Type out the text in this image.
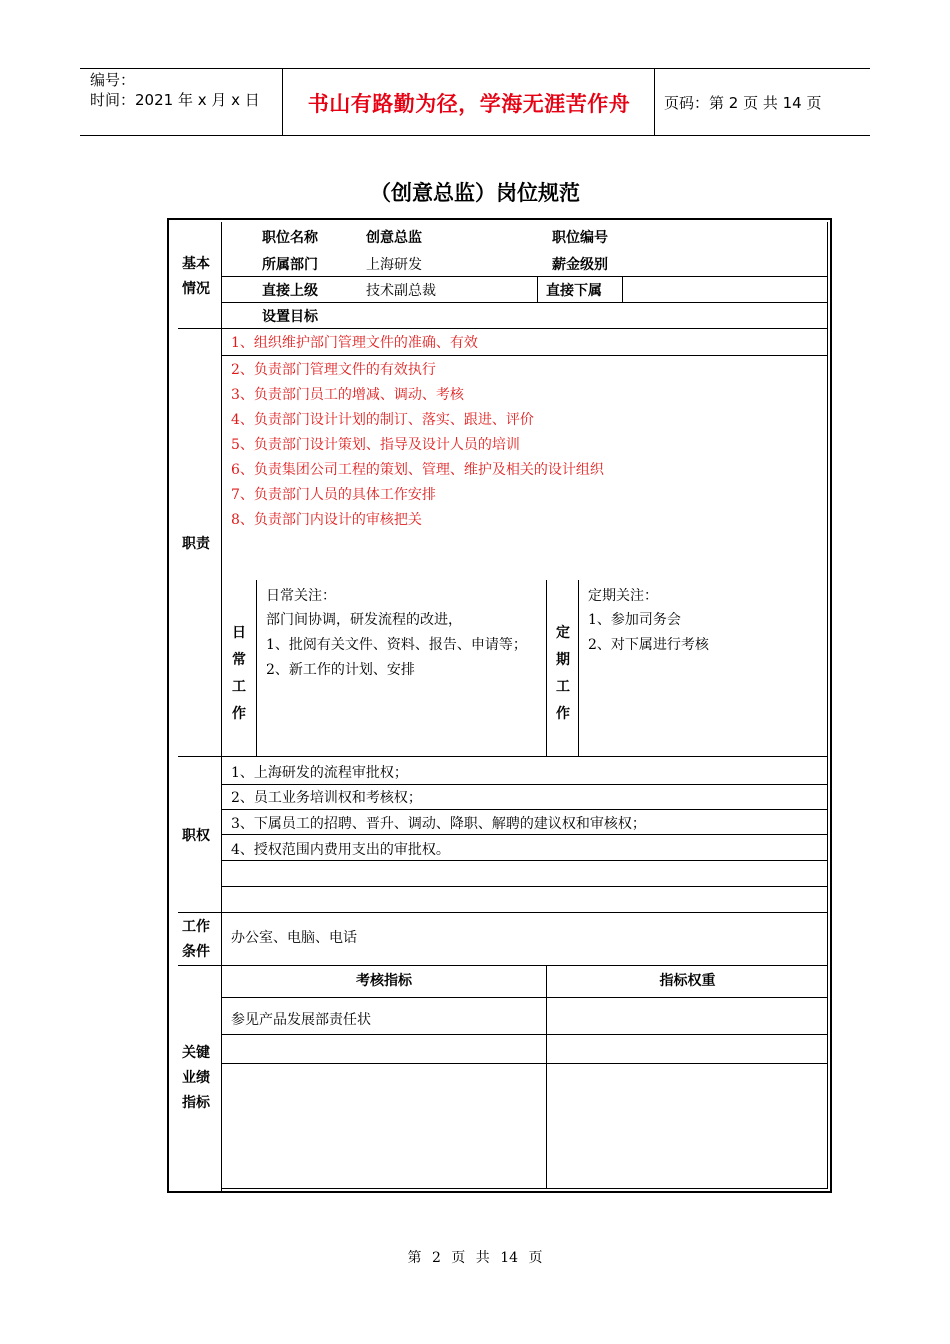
编号：
时间：2021 年 x 月 x 日	书山有路勤为径，学海无涯苦作舟	页码：第 2 页 共 14 页
（创意总监）岗位规范
基本
情况
职位名称	创意总监	职位编号
所属部门	上海研发	薪金级别
直接上级	技术副总裁	直接下属
设置目标
职责
1、组织维护部门管理文件的准确、有效
2、负责部门管理文件的有效执行
3、负责部门员工的增减、调动、考核
4、负责部门设计计划的制订、落实、跟进、评价
5、负责部门设计策划、指导及设计人员的培训
6、负责集团公司工程的策划、管理、维护及相关的设计组织
7、负责部门人员的具体工作安排
8、负责部门内设计的审核把关
日
常
工
作
日常关注：
部门间协调，研发流程的改进，
1、批阅有关文件、资料、报告、申请等；
2、新工作的计划、安排
定
期
工
作
定期关注：
1、参加司务会
2、对下属进行考核
职权
1、上海研发的流程审批权；
2、员工业务培训权和考核权；
3、下属员工的招聘、晋升、调动、降职、解聘的建议权和审核权；
4、授权范围内费用支出的审批权。
工作
条件
办公室、电脑、电话
关键
业绩
指标
考核指标	指标权重
参见产品发展部责任状
第 2 页 共 14 页
